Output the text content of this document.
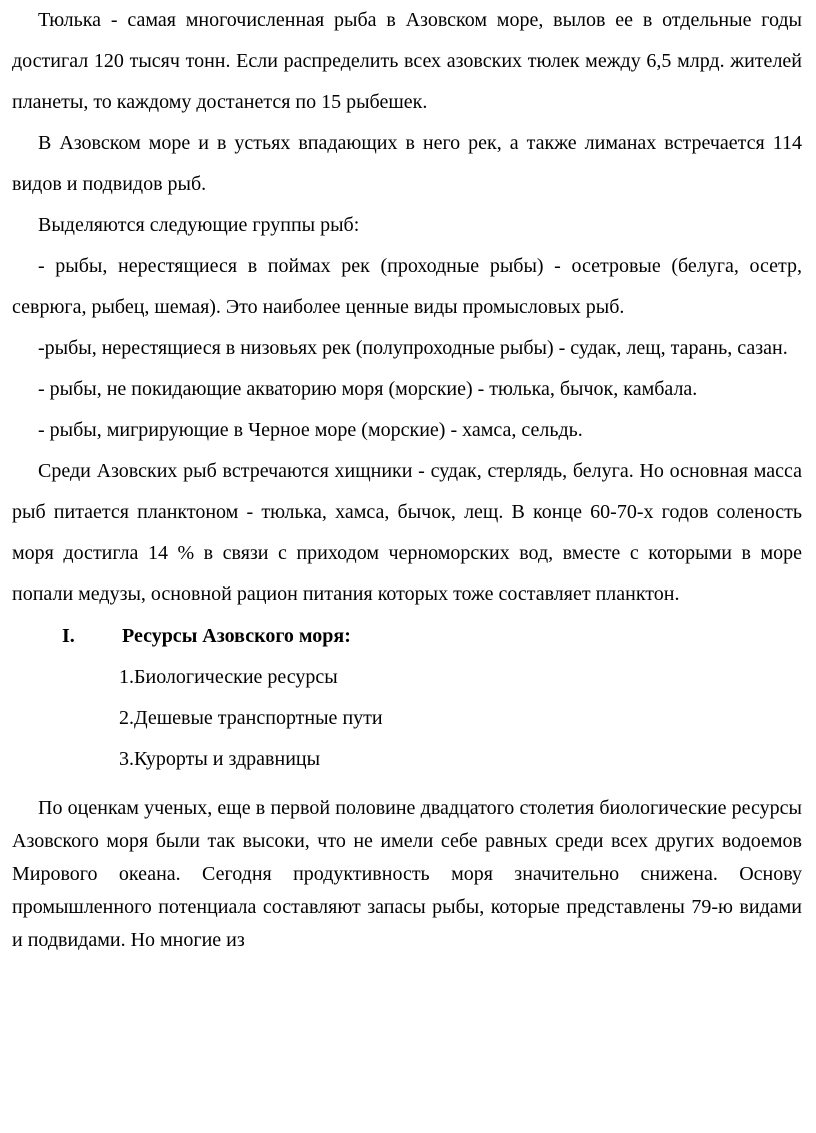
Тюлька - самая многочисленная рыба в Азовском море, вылов ее в отдельные годы достигал 120 тысяч тонн. Если распределить всех азовских тюлек между 6,5 млрд. жителей планеты, то каждому достанется по 15 рыбешек.

В Азовском море и в устьях впадающих в него рек, а также лиманах встречается 114 видов и подвидов рыб.

Выделяются следующие группы рыб:

- рыбы, нерестящиеся в поймах рек (проходные рыбы) - осетровые (белуга, осетр, севрюга, рыбец, шемая). Это наиболее ценные виды промысловых рыб.

-рыбы, нерестящиеся в низовьях рек (полупроходные рыбы) - судак, лещ, тарань, сазан.

- рыбы, не покидающие акваторию моря (морские) - тюлька, бычок, камбала.

- рыбы, мигрирующие в Черное море (морские) - хамса, сельдь.

Среди Азовских рыб встречаются хищники - судак, стерлядь, белуга. Но основная масса рыб питается планктоном - тюлька, хамса, бычок, лещ. В конце 60-70-х годов соленость моря достигла 14 % в связи с приходом черноморских вод, вместе с которыми в море попали медузы, основной рацион питания которых тоже составляет планктон.

I.	Ресурсы Азовского моря:
1.Биологические ресурсы
2.Дешевые транспортные пути
3.Курорты и здравницы

По оценкам ученых, еще в первой половине двадцатого столетия биологические ресурсы Азовского моря были так высоки, что не имели себе равных среди всех других водоемов Мирового океана. Сегодня продуктивность моря значительно снижена. Основу промышленного потенциала составляют запасы рыбы, которые представлены 79-ю видами и подвидами. Но многие из
